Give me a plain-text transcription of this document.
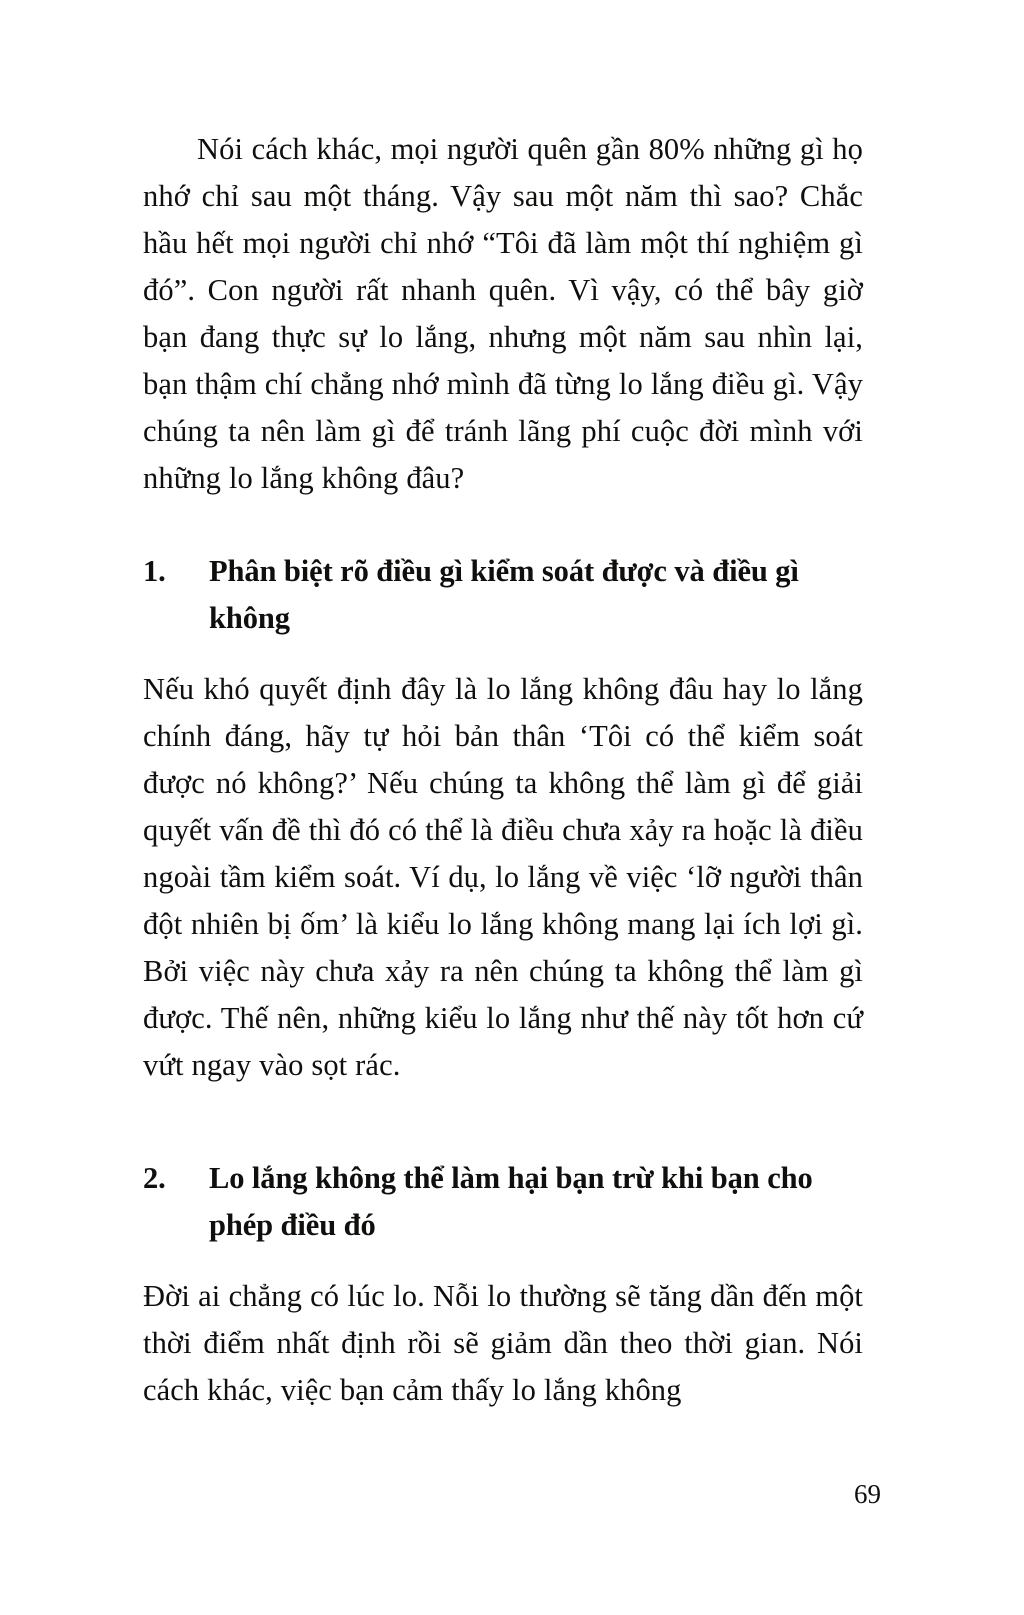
Nói cách khác, mọi người quên gần 80% những gì họ nhớ chỉ sau một tháng. Vậy sau một năm thì sao? Chắc hầu hết mọi người chỉ nhớ “Tôi đã làm một thí nghiệm gì đó”. Con người rất nhanh quên. Vì vậy, có thể bây giờ bạn đang thực sự lo lắng, nhưng một năm sau nhìn lại, bạn thậm chí chẳng nhớ mình đã từng lo lắng điều gì. Vậy chúng ta nên làm gì để tránh lãng phí cuộc đời mình với những lo lắng không đâu?

1.	Phân biệt rõ điều gì kiểm soát được và điều gì không

Nếu khó quyết định đây là lo lắng không đâu hay lo lắng chính đáng, hãy tự hỏi bản thân ‘Tôi có thể kiểm soát được nó không?’ Nếu chúng ta không thể làm gì để giải quyết vấn đề thì đó có thể là điều chưa xảy ra hoặc là điều ngoài tầm kiểm soát. Ví dụ, lo lắng về việc ‘lỡ người thân đột nhiên bị ốm’ là kiểu lo lắng không mang lại ích lợi gì. Bởi việc này chưa xảy ra nên chúng ta không thể làm gì được. Thế nên, những kiểu lo lắng như thế này tốt hơn cứ vứt ngay vào sọt rác.

2.	Lo lắng không thể làm hại bạn trừ khi bạn cho phép điều đó

Đời ai chẳng có lúc lo. Nỗi lo thường sẽ tăng dần đến một thời điểm nhất định rồi sẽ giảm dần theo thời gian. Nói cách khác, việc bạn cảm thấy lo lắng không

69
